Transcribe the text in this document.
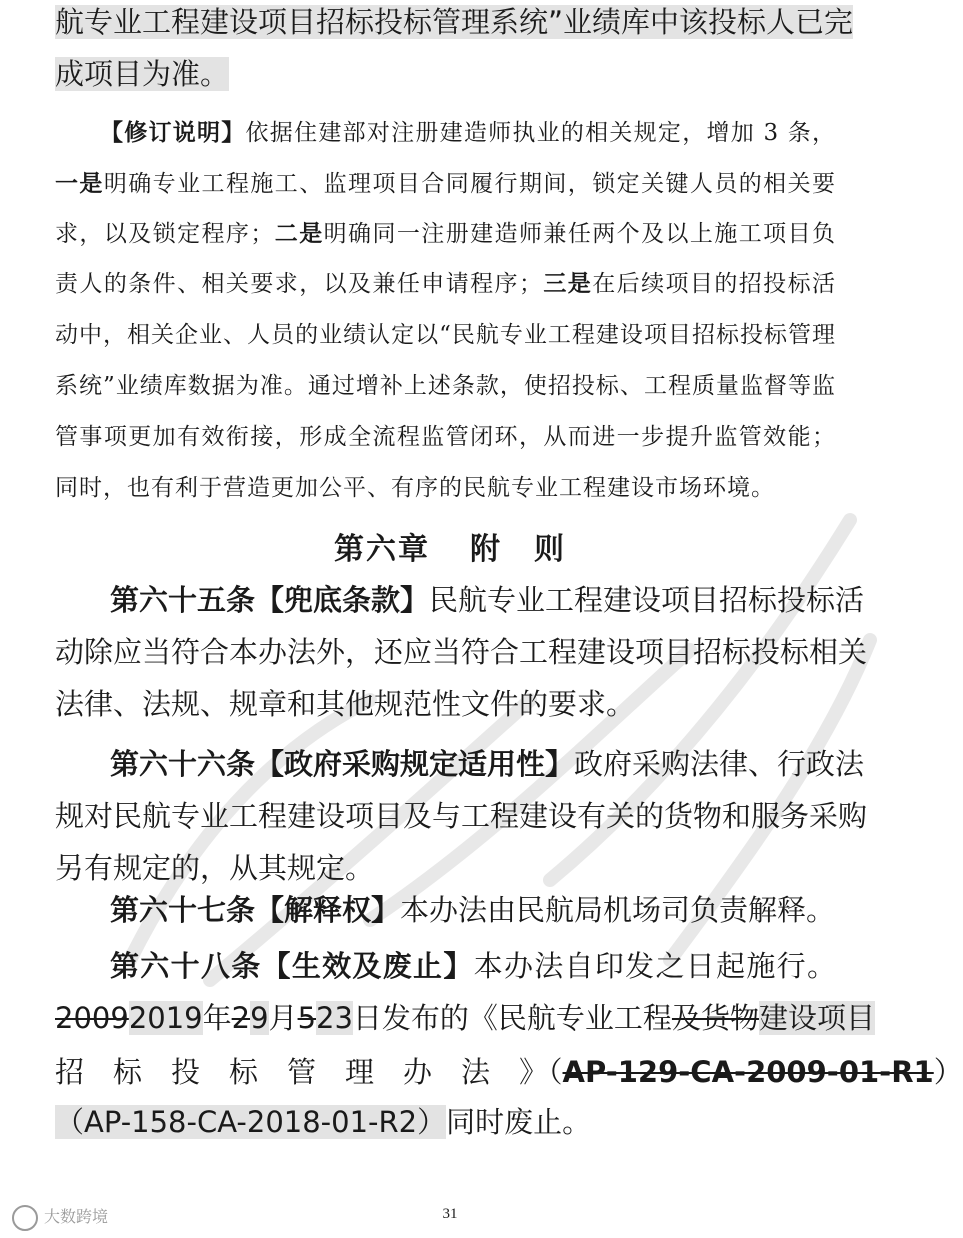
航专业工程建设项目招标投标管理系统”业绩库中该投标人已完
成项目为准。
【修订说明】依据住建部对注册建造师执业的相关规定，增加 3 条，
一是明确专业工程施工、监理项目合同履行期间，锁定关键人员的相关要
求，以及锁定程序；二是明确同一注册建造师兼任两个及以上施工项目负
责人的条件、相关要求，以及兼任申请程序；三是在后续项目的招投标活
动中，相关企业、人员的业绩认定以“民航专业工程建设项目招标投标管理
系统”业绩库数据为准。通过增补上述条款，使招投标、工程质量监督等监
管事项更加有效衔接，形成全流程监管闭环，从而进一步提升监管效能；
同时，也有利于营造更加公平、有序的民航专业工程建设市场环境。
第六章 附　则
第六十五条【兜底条款】民航专业工程建设项目招标投标活
动除应当符合本办法外，还应当符合工程建设项目招标投标相关
法律、法规、规章和其他规范性文件的要求。
第六十六条【政府采购规定适用性】政府采购法律、行政法
规对民航专业工程建设项目及与工程建设有关的货物和服务采购
另有规定的，从其规定。
第六十七条【解释权】本办法由民航局机场司负责解释。
第六十八条【生效及废止】本办法自印发之日起施行。
20092019年29月523日发布的《民航专业工程及货物建设项目
招　标　投　标　管　理　办　法　》（AP-129-CA-2009-01-R1）
（AP-158-CA-2018-01-R2）同时废止。
31
大数跨境
